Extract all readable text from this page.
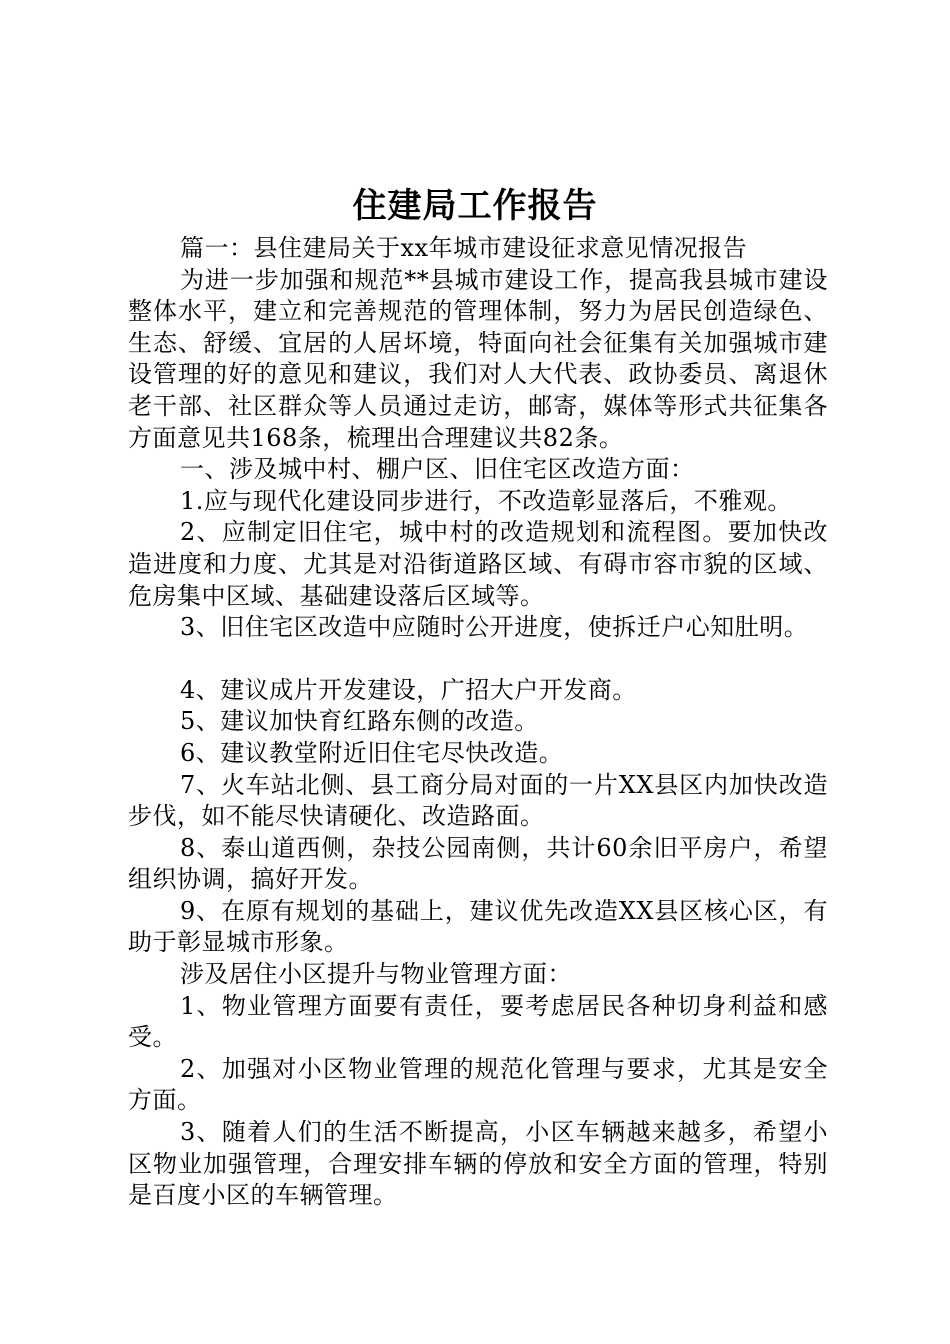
住建局工作报告

篇一：县住建局关于xx年城市建设征求意见情况报告

为进一步加强和规范**县城市建设工作，提高我县城市建设整体水平，建立和完善规范的管理体制，努力为居民创造绿色、生态、舒缓、宜居的人居坏境，特面向社会征集有关加强城市建设管理的好的意见和建议，我们对人大代表、政协委员、离退休老干部、社区群众等人员通过走访，邮寄，媒体等形式共征集各方面意见共168条，梳理出合理建议共82条。

一、涉及城中村、棚户区、旧住宅区改造方面：

1.应与现代化建设同步进行，不改造彰显落后，不雅观。

2、应制定旧住宅，城中村的改造规划和流程图。要加快改造进度和力度、尤其是对沿街道路区域、有碍市容市貌的区域、危房集中区域、基础建设落后区域等。

3、旧住宅区改造中应随时公开进度，使拆迁户心知肚明。

4、建议成片开发建设，广招大户开发商。

5、建议加快育红路东侧的改造。

6、建议教堂附近旧住宅尽快改造。

7、火车站北侧、县工商分局对面的一片XX县区内加快改造步伐，如不能尽快请硬化、改造路面。

8、泰山道西侧，杂技公园南侧，共计60余旧平房户，希望组织协调，搞好开发。

9、在原有规划的基础上，建议优先改造XX县区核心区，有助于彰显城市形象。

涉及居住小区提升与物业管理方面：

1、物业管理方面要有责任，要考虑居民各种切身利益和感受。

2、加强对小区物业管理的规范化管理与要求，尤其是安全方面。

3、随着人们的生活不断提高，小区车辆越来越多，希望小区物业加强管理，合理安排车辆的停放和安全方面的管理，特别是百度小区的车辆管理。
